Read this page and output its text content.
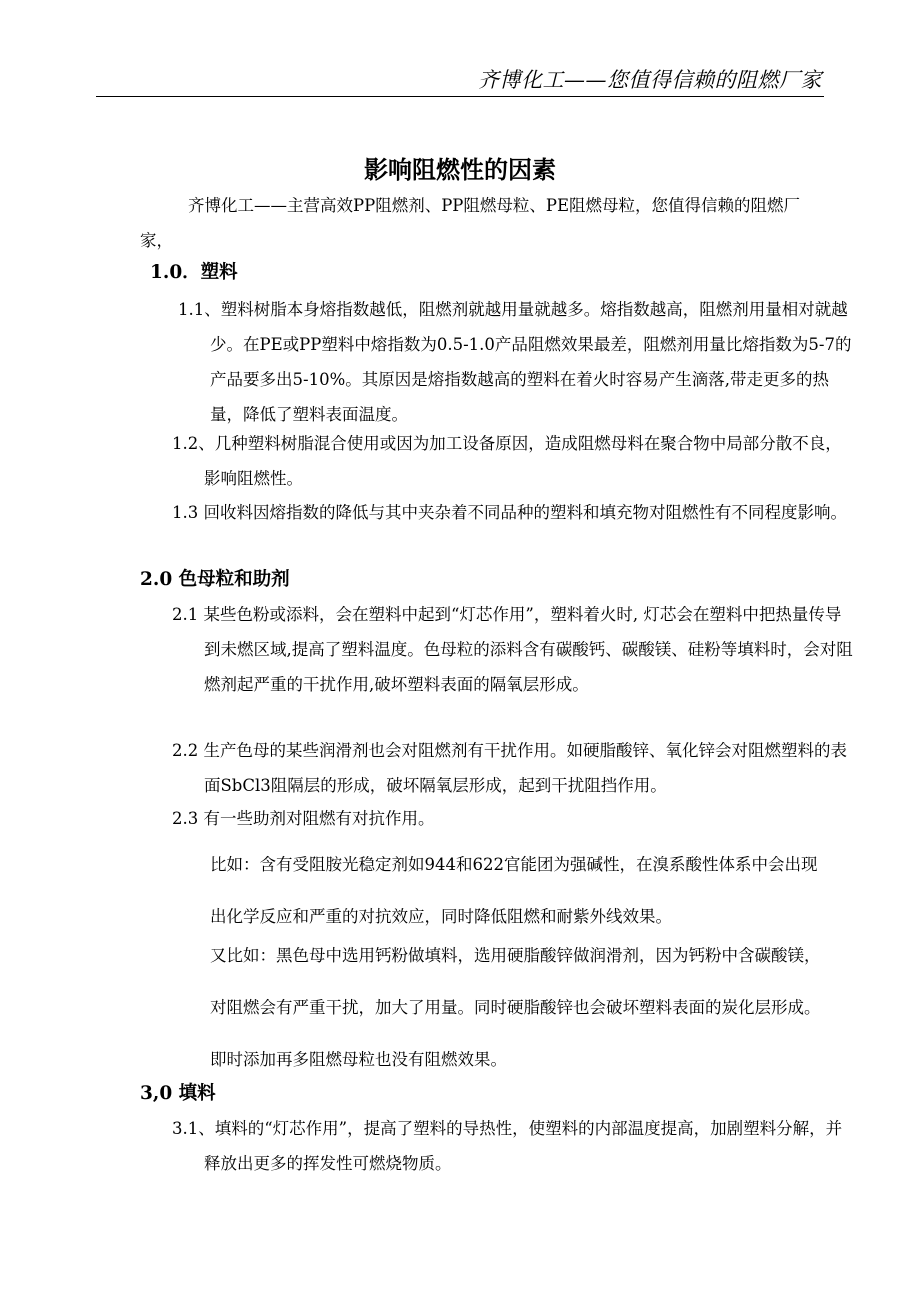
齐博化工——您值得信赖的阻燃厂家
影响阻燃性的因素
齐博化工——主营高效PP阻燃剂、PP阻燃母粒、PE阻燃母粒，您值得信赖的阻燃厂家，
1.0．塑料
1.1、塑料树脂本身熔指数越低，阻燃剂就越用量就越多。熔指数越高，阻燃剂用量相对就越少。在PE或PP塑料中熔指数为0.5-1.0产品阻燃效果最差，阻燃剂用量比熔指数为5-7的产品要多出5-10%。其原因是熔指数越高的塑料在着火时容易产生滴落,带走更多的热量，降低了塑料表面温度。
1.2、几种塑料树脂混合使用或因为加工设备原因，造成阻燃母料在聚合物中局部分散不良，影响阻燃性。
1.3 回收料因熔指数的降低与其中夹杂着不同品种的塑料和填充物对阻燃性有不同程度影响。
2.0 色母粒和助剂
2.1 某些色粉或添料，会在塑料中起到“灯芯作用”，塑料着火时, 灯芯会在塑料中把热量传导到未燃区域,提高了塑料温度。色母粒的添料含有碳酸钙、碳酸镁、硅粉等填料时，会对阻燃剂起严重的干扰作用,破坏塑料表面的隔氧层形成。
2.2 生产色母的某些润滑剂也会对阻燃剂有干扰作用。如硬脂酸锌、氧化锌会对阻燃塑料的表面SbCl3阻隔层的形成，破坏隔氧层形成，起到干扰阻挡作用。
2.3 有一些助剂对阻燃有对抗作用。
比如：含有受阻胺光稳定剂如944和622官能团为强碱性，在溴系酸性体系中会出现出化学反应和严重的对抗效应，同时降低阻燃和耐紫外线效果。
又比如：黑色母中选用钙粉做填料，选用硬脂酸锌做润滑剂，因为钙粉中含碳酸镁，对阻燃会有严重干扰，加大了用量。同时硬脂酸锌也会破坏塑料表面的炭化层形成。即时添加再多阻燃母粒也没有阻燃效果。
3,0 填料
3.1、填料的“灯芯作用”，提高了塑料的导热性，使塑料的内部温度提高，加剧塑料分解，并释放出更多的挥发性可燃烧物质。
